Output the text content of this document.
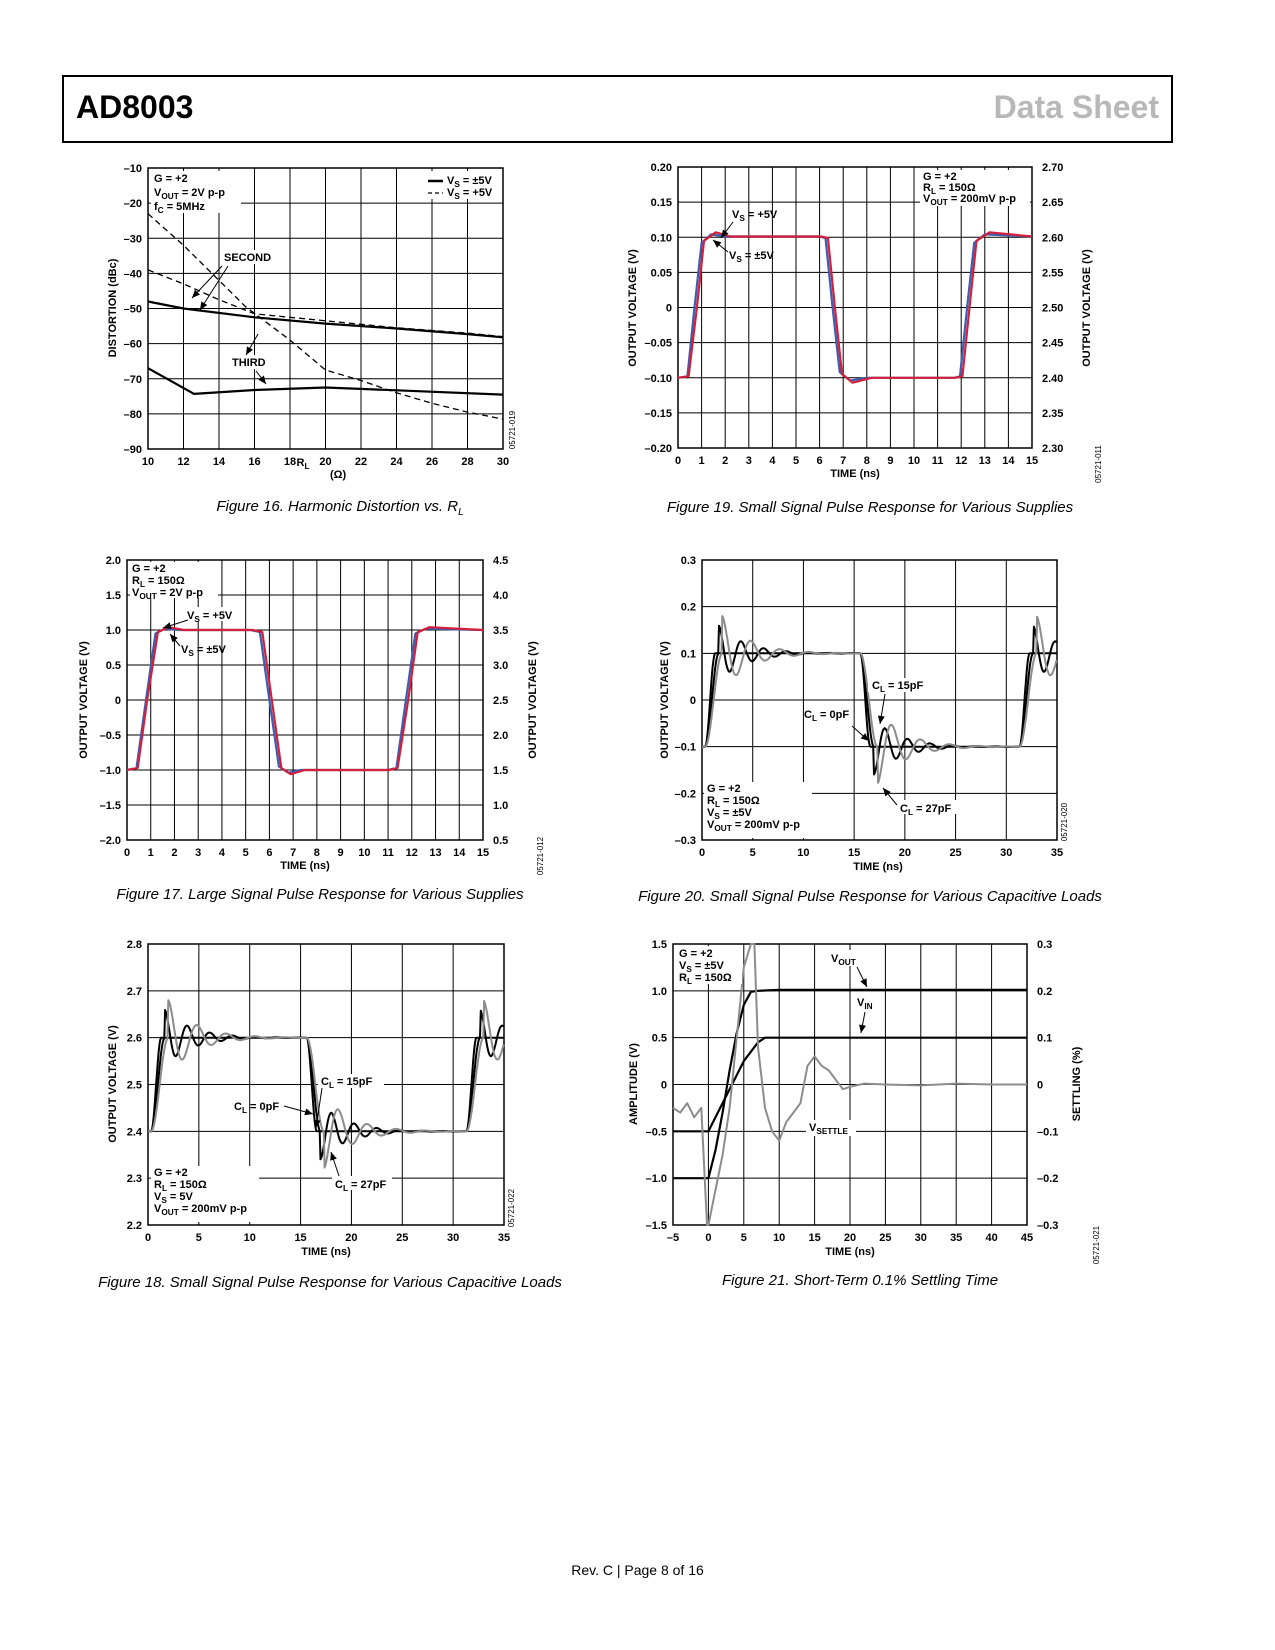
AD8003	Data Sheet
10 12 14 16 18 20 22 24 26 28 30
–90
–80
–70
–60
–50
–40
–30
–20
–10
G = +2
$V_{OUT} = 2V$ p-p
$f_C = 5MHz$
$V_S = \pm 5V$
$V_S = +5V$
SECOND
THIRD
$R_L$
(Ω)
DISTORTION (dBc)
05721-019
0 1 2 3 4 5 6 7 8 9 10 11 12 13 14 15
–0.20
–0.15
–0.10
–0.05
0
0.05
0.10
0.15
0.20
2.30
2.35
2.40
2.45
2.50
2.55
2.60
2.65
2.70
G = +2
$R_L = 150\Omega$
$V_{OUT} = 200mV$ p-p
$V_S = +5V$
$V_S = \pm 5V$
TIME (ns)
OUTPUT VOLTAGE (V)	OUTPUT VOLTAGE (V)
05721-011
0 1 2 3 4 5 6 7 8 9 10 11 12 13 14 15
–2.0
–1.5
–1.0
–0.5
0
0.5
1.0
1.5
2.0
0.5
1.0
1.5
2.0
2.5
3.0
3.5
4.0
4.5
G = +2
$R_L = 150\Omega$
$V_{OUT} = 2V$ p-p
$V_S = +5V$
$V_S = \pm 5V$
TIME (ns)
OUTPUT VOLTAGE (V)	OUTPUT VOLTAGE (V)
05721-012	0	5	10	15	20	25	30	35
–0.3
–0.2
–0.1
0
0.1
0.2
0.3
G = +2
$R_L = 150\Omega$
$V_S = \pm 5V$
$V_{OUT} = 200mV$ p-p
$C_L = 15pF$
$C_L = 0pF$
$C_L = 27pF$
TIME (ns)
OUTPUT VOLTAGE (V)
05721-020
0	5	10	15	20	25	30	35
2.2
2.3
2.4
2.5
2.6
2.7
2.8
G = +2
$R_L = 150\Omega$
$V_S = 5V$
$V_{OUT} = 200mV$ p-p
$C_L = 15pF$
$C_L = 0pF$
$C_L = 27pF$
TIME (ns)
OUTPUT VOLTAGE (V)
05721-022
–5 0	5 10 15 20 25 30 35 40 45
–1.5
–1.0
–0.5
0
0.5
1.0
1.5
–0.3
–0.2
–0.1
0
0.1
0.2
0.3
G = +2
$V_S = \pm 5V$
$R_L = 150\Omega$
$V_{OUT}$
$V_{IN}$
$V_{SETTLE}$
TIME (ns)
AMPLITUDE (V)	SETTLING (%)
05721-021
Figure 16. Harmonic Distortion vs. $R_L$	Figure 19. Small Signal Pulse Response for Various Supplies
Figure 17. Large Signal Pulse Response for Various Supplies	Figure 20. Small Signal Pulse Response for Various Capacitive Loads
Figure 18. Small Signal Pulse Response for Various Capacitive Loads	Figure 21. Short-Term 0.1% Settling Time
Rev. C | Page 8 of 16
